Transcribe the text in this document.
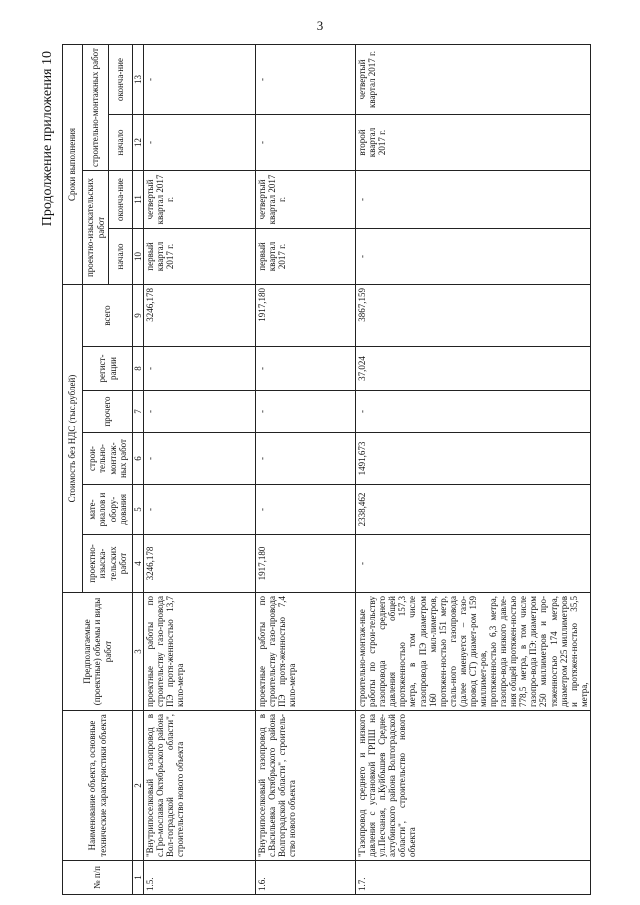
3
Продолжение приложения 10
№ п/п	Наименование объекта, основные технические характеристики объекта	Предполагаемые (проектные) объемы и виды работ	Стоимость без НДС (тыс.рублей)						Сроки выполнения			
			проектно-изыска-тельских работ	мате-риалов и обору-дования	строи-тельно-монтаж-ных работ	прочего	регист-рации	всего	проектно-изыскательских работ		строительно-монтажных работ	
									начало	оконча-ние	начало	оконча-ние

1	2	3	4	5	6	7	8	9	10	11	12	13
1.5.	"Внутрипоселковый газопровод в с.Гро-мославка Октябрьского района Вол-гоградской области", строительство нового объекта	проектные работы по строительству газо-провода ПЭ протя-женностью 13,7 кило-метра	3246,178	-	-	-	-	3246,178	первый квартал 2017 г.	четвертый квартал 2017 г.	-	-
1.6.	"Внутрипоселковый газопровод в с.Васильевка Октябрьского района Волгоградской области", строитель-ство нового объекта	проектные работы по строительству газо-провода ПЭ протя-женностью 7,4 кило-метра	1917,180	-	-	-	-	1917,180	первый квартал 2017 г.	четвертый квартал 2017 г.	-	-
1.7.	"Газопровод среднего и низкого давления с установкой ГРПШ на ул.Песчаная, п.Куйбышев Средне-ахтубинского района Волгоградской области", строительство нового объекта	строительно-монтаж-ные работы по строи-тельству газопровода среднего давления общей протяженностью 157,3 метра, в том числе газопровода ПЭ диаметром 160 мил-лиметров, протяжен-ностью 151 метр, сталь-ного газопровода (далее именуется – газо-провод СТ) диамет-ром 159 миллимет-ров, протяженностью 6,3 метра, газопро-вода низкого давле-ния общей протяжен-ностью 778,5 метра, в том числе газопро-вода ПЭ: диаметром 250 миллиметров и про-тяженностью 174 метра, диаметром 225 миллиметров и протяжен-ностью 35,5 метра,	-	2338,462	1491,673	-	37,024	3867,159	-	-	второй квартал 2017 г.	четвертый квартал 2017 г.
